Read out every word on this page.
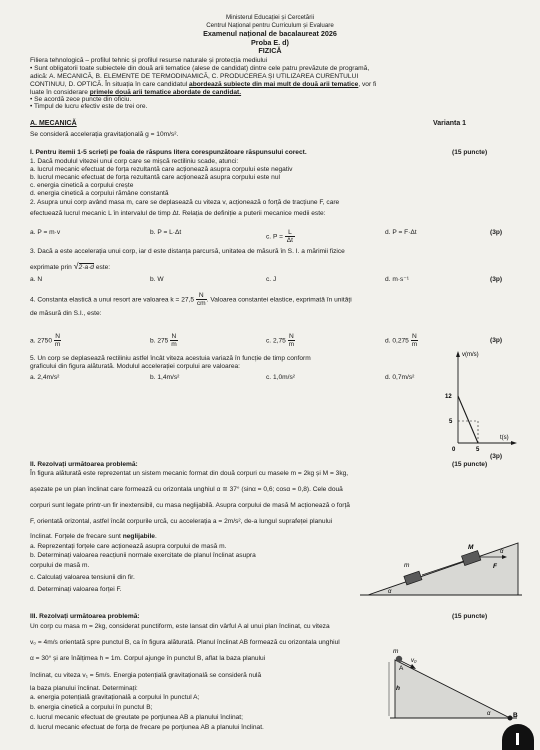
Ministerul Educației și Cercetării
Centrul Național pentru Curriculum și Evaluare
Examenul național de bacalaureat 2026
Proba E. d)
FIZICĂ
Filiera tehnologică – profilul tehnic și profilul resurse naturale și protecția mediului
• Sunt obligatorii toate subiectele din două arii tematice (alese de candidat) dintre cele patru prevăzute de programă,
adică: A. MECANICĂ, B. ELEMENTE DE TERMODINAMICĂ, C. PRODUCEREA ȘI UTILIZAREA CURENTULUI
CONTINUU, D. OPTICĂ. În situația în care candidatul abordează subiecte din mai mult de două arii tematice, vor fi
luate în considerare primele două arii tematice abordate de candidat.
• Se acordă zece puncte din oficiu.
• Timpul de lucru efectiv este de trei ore.
A. MECANICĂ	Varianta 1
Se consideră accelerația gravitațională g = 10m/s².
I. Pentru itemii 1-5 scrieți pe foaia de răspuns litera corespunzătoare răspunsului corect.	(15 puncte)
1. Dacă modulul vitezei unui corp care se mișcă rectiliniu scade, atunci:
a. lucrul mecanic efectuat de forța rezultantă care acționează asupra corpului este negativ
b. lucrul mecanic efectuat de forța rezultantă care acționează asupra corpului este nul
c. energia cinetică a corpului crește
d. energia cinetică a corpului rămâne constantă
2. Asupra unui corp având masa m, care se deplasează cu viteza v, acționează o forță de tracțiune F, care
efectuează lucrul mecanic L în intervalul de timp Δt. Relația de definiție a puterii mecanice medii este:
a. P = m·v	b. P = L·Δt
c. $P = \frac{L}{\Delta t}$	d. P = F·Δt	(3p)
3. Dacă a este accelerația unui corp, iar d este distanța parcursă, unitatea de măsură în S. I. a mărimii fizice
exprimate prin √2·a·d este:
a. N	b. W	c. J	d. m·s⁻¹	(3p)
4. Constanta elastică a unui resort are valoarea $k = 27,5 \frac{N}{cm}$ . Valoarea constantei elastice, exprimată în unități
de măsură din S.I., este:
a. $2750 \frac{N}{m}$	b. $275 \frac{N}{m}$	c. $2,75 \frac{N}{m}$	d. $0,275 \frac{N}{m}$	(3p)
5. Un corp se deplasează rectiliniu astfel încât viteza acestuia variază în funcție de timp conform
graficului din figura alăturată. Modulul accelerației corpului are valoarea:
a. 2,4m/s²	b. 1,4m/s²	c. 1,0m/s²	d. 0,7m/s²
v(m/s)
t(s)
12
5
0	5
(3p)
II. Rezolvați următoarea problemă:	(15 puncte)
În figura alăturată este reprezentat un sistem mecanic format din două corpuri cu masele m = 2kg și M = 3kg,
așezate pe un plan înclinat care formează cu orizontala unghiul α ≅ 37° (sinα = 0,6; cosα = 0,8). Cele două
corpuri sunt legate printr-un fir inextensibil, cu masa neglijabilă. Asupra corpului de masă M acționează o forță
F, orientată orizontal, astfel încât corpurile urcă, cu accelerația a = 2m/s², de-a lungul suprafeței planului
înclinat. Forțele de frecare sunt neglijabile.
a. Reprezentați forțele care acționează asupra corpului de masă m.
b. Determinați valoarea reacțiunii normale exercitate de planul înclinat asupra
corpului de masă m.
c. Calculați valoarea tensiunii din fir.
d. Determinați valoarea forței F.
M
m	F
α
α
III. Rezolvați următoarea problemă:	(15 puncte)
Un corp cu masa m = 2kg, considerat punctiform, este lansat din vârful A al unui plan înclinat, cu viteza
v₀ = 4m/s orientată spre punctul B, ca în figura alăturată. Planul înclinat AB formează cu orizontala unghiul
α = 30° și are înălțimea h = 1m. Corpul ajunge în punctul B, aflat la baza planului
înclinat, cu viteza v₁ = 5m/s. Energia potențială gravitațională se consideră nulă
la baza planului înclinat. Determinați:
a. energia potențială gravitațională a corpului în punctul A;
b. energia cinetică a corpului în punctul B;
c. lucrul mecanic efectuat de greutate pe porțiunea AB a planului înclinat;
d. lucrul mecanic efectuat de forța de frecare pe porțiunea AB a planului înclinat.
m
v₀
A
B
h
α
